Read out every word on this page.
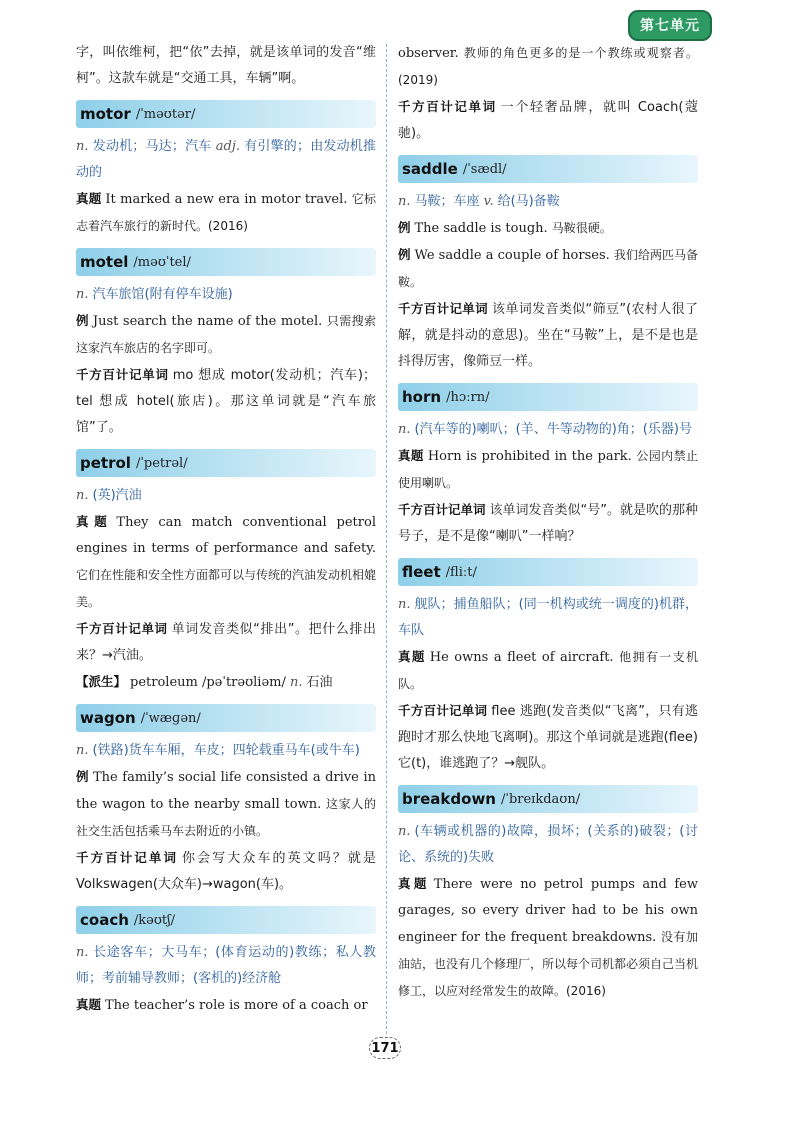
第七单元

字，叫依维柯，把“依”去掉，就是该单词的发音“维柯”。这款车就是“交通工具，车辆”啊。

motor /ˈməʊtər/

n. 发动机；马达；汽车 adj. 有引擎的；由发动机推动的

真题 It marked a new era in motor travel. 它标志着汽车旅行的新时代。(2016)

motel /məʊˈtel/

n. 汽车旅馆(附有停车设施)

例 Just search the name of the motel. 只需搜索这家汽车旅店的名字即可。

千方百计记单词 mo 想成 motor(发动机；汽车)；tel 想成 hotel(旅店)。那这单词就是“汽车旅馆”了。

petrol /ˈpetrəl/

n. (英)汽油

真题 They can match conventional petrol engines in terms of performance and safety. 它们在性能和安全性方面都可以与传统的汽油发动机相媲美。

千方百计记单词 单词发音类似“排出”。把什么排出来？→汽油。

【派生】 petroleum /pəˈtrəʊliəm/ n. 石油

wagon /ˈwæɡən/

n. (铁路)货车车厢，车皮；四轮载重马车(或牛车)

例 The family’s social life consisted a drive in the wagon to the nearby small town. 这家人的社交生活包括乘马车去附近的小镇。

千方百计记单词 你会写大众车的英文吗？就是Volkswagen(大众车)→wagon(车)。

coach /kəʊtʃ/

n. 长途客车；大马车；(体育运动的)教练；私人教师；考前辅导教师；(客机的)经济舱

真题 The teacher’s role is more of a coach or

observer. 教师的角色更多的是一个教练或观察者。(2019)

千方百计记单词 一个轻奢品牌，就叫 Coach(蔻驰)。

saddle /ˈsædl/

n. 马鞍；车座 v. 给(马)备鞍

例 The saddle is tough. 马鞍很硬。

例 We saddle a couple of horses. 我们给两匹马备鞍。

千方百计记单词 该单词发音类似“筛豆”(农村人很了解，就是抖动的意思)。坐在“马鞍”上，是不是也是抖得厉害，像筛豆一样。

horn /hɔːrn/

n. (汽车等的)喇叭；(羊、牛等动物的)角；(乐器)号

真题 Horn is prohibited in the park. 公园内禁止使用喇叭。

千方百计记单词 该单词发音类似“号”。就是吹的那种号子，是不是像“喇叭”一样响？

fleet /fliːt/

n. 舰队；捕鱼船队；(同一机构或统一调度的)机群，车队

真题 He owns a fleet of aircraft. 他拥有一支机队。

千方百计记单词 flee 逃跑(发音类似“飞离”，只有逃跑时才那么快地飞离啊)。那这个单词就是逃跑(flee)它(t)，谁逃跑了？→舰队。

breakdown /ˈbreɪkdaʊn/

n. (车辆或机器的)故障，损坏；(关系的)破裂；(讨论、系统的)失败

真题 There were no petrol pumps and few garages, so every driver had to be his own engineer for the frequent breakdowns. 没有加油站，也没有几个修理厂，所以每个司机都必须自己当机修工，以应对经常发生的故障。(2016)

171
